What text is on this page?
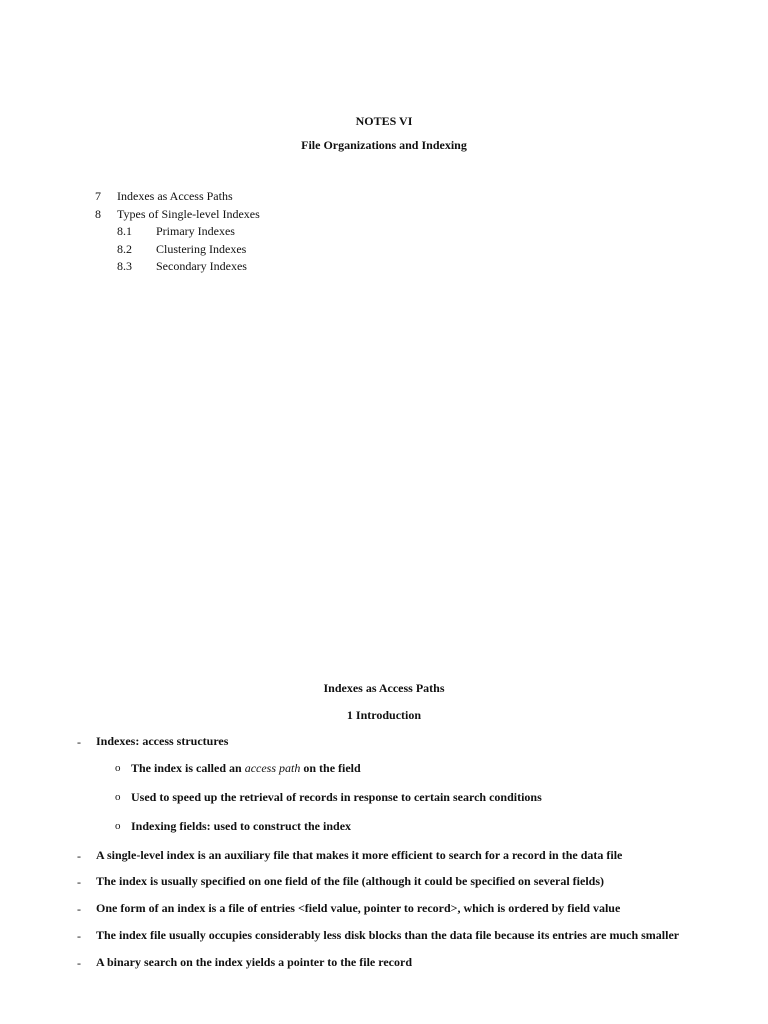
NOTES VI
File Organizations and Indexing
7 Indexes as Access Paths
8 Types of Single-level Indexes
8.1 Primary Indexes
8.2 Clustering Indexes
8.3 Secondary Indexes
Indexes as Access Paths
1 Introduction
- Indexes: access structures
o The index is called an access path on the field
o Used to speed up the retrieval of records in response to certain search conditions
o Indexing fields: used to construct the index
- A single-level index is an auxiliary file that makes it more efficient to search for a record in the data file
- The index is usually specified on one field of the file (although it could be specified on several fields)
- One form of an index is a file of entries <field value, pointer to record>, which is ordered by field value
- The index file usually occupies considerably less disk blocks than the data file because its entries are much smaller
- A binary search on the index yields a pointer to the file record
